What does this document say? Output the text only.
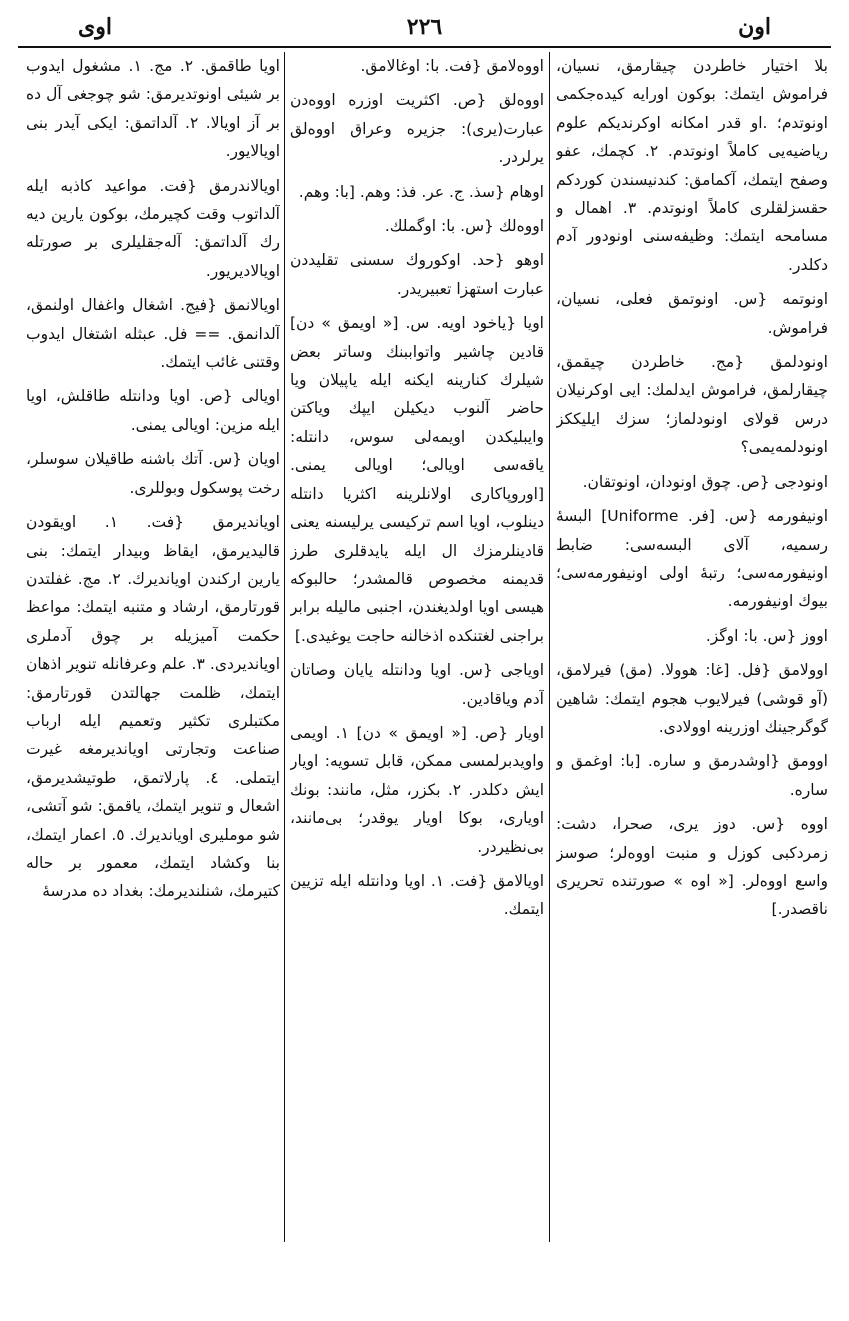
اون
٢٢٦
اوى

بلا اختيار خاطردن چيقارمق، نسيان، فراموش ايتمك: بوكون اورايه كيده‌جكمى اونوتدم؛ .او قدر امكانه اوكرنديكم علوم رياضيه‌يى كاملاً اونوتدم. ٢. كچمك، عفو وصفح ايتمك، آكمامق: كندنيسندن كوردكم حقسزلقلرى كاملاً اونوتدم. ٣. اهمال و مسامحه ايتمك: وظيفه‌سنى اونودور آدم دكلدر.

اونوتمه {س. اونوتمق فعلى، نسيان، فراموش.

اونودلمق {مج. خاطردن چيقمق، چيقارلمق، فراموش ايدلمك: ايى اوكرنيلان درس قولاى اونودلماز؛ سزك ايليككز اونودلمه‌يمى؟

اونودجى {ص. چوق اونودان، اونوتقان.

اونيفورمه {س. [فر. Uniforme] البسهٔ رسميه، آلاى البسه‌سى: ضابط اونيفورمه‌سى؛ رتبهٔ اولى اونيفورمه‌سى؛ بيوك اونيفورمه.

اووز {س. با: اوگز.

اوولامق {فل. [غا: هوولا. (مق) فيرلامق، (آو قوشى) فيرلايوب هجوم ايتمك: شاهين گوگرجينك اوزرينه اوولادى.

اوومق {اوشدرمق و ساره. [با: اوغمق و ساره.

اووه {س. دوز يرى، صحرا، دشت: زمردكبى كوزل و منبت اووه‌لر؛ صوسز واسع اووه‌لر. [« اوه » صورتنده تحريرى ناقصدر.]

اووه‌لامق {فت. با: اوغالامق.

اووه‌لق {ص. اكثريت اوزره اووه‌دن عبارت(يرى): جزيره وعراق اووه‌لق يرلردر.

اوهام {سذ. ج. عر. فذ: وهم. [با: وهم.

اووه‌لك {س. با: اوگملك.

اوهو {حد. اوكوروك سسنى تقليددن عبارت استهزا تعبيريدر.

اويا {ياخود اويه. س. [« اويمق » دن] قادين چاشير واتواببنك وساتر بعض شيلرك كنارينه ايكنه ايله ياپيلان ويا حاضر آلنوب ديكيلن ايپك وياكتن وايبليكدن اويمه‌لى سوس، دانتله: ياقه‌سى اويالى؛ اويالى يمنى. [اوروپاكارى اولانلرينه اكثريا دانتله دينلوب، اويا اسم تركيسى يرليسنه يعنى قادينلرمزك ال ايله يايدقلرى طرز قديمنه مخصوص قالمشدر؛ حالبوكه هيسى اويا اولديغندن، اجنبى ماليله برابر براجنى لغتنكده اذخالنه حاجت يوغيدى.]

اوياجى {س. اويا ودانتله يايان وصاتان آدم وياقادين.

اويار {ص. [« اويمق » دن] ١. اويمى واويدبرلمسى ممكن، قابل تسويه: اويار ايش دكلدر. ٢. بكزر، مثل، مانند: بونك اويارى، بوكا اويار يوقدر؛ بى‌مانند، بى‌نظيردر.

اويالامق {فت. ١. اويا ودانتله ايله تزيين ايتمك.

اويا طاقمق. ٢. مج. ١. مشغول ايدوب بر شيئى اونوتديرمق: شو چوجغى آل ده بر آز اويالا. ٢. آلداتمق: ايكى آيدر بنى اويالايور.

اويالاندرمق {فت. مواعيد كاذبه ايله آلداتوب وقت كچيرمك، بوكون يارين ديه رك آلداتمق: آله‌جقليلرى بر صورتله اويالاديريور.

اويالانمق {فيج. اشغال واغفال اولنمق، آلدانمق. == فل. عبثله اشتغال ايدوب وقتنى غائب ايتمك.

اويالى {ص. اويا ودانتله طاقلش، اويا ايله مزين: اويالى يمنى.

اويان {س. آتك باشنه طاقيلان سوسلر، رخت پوسكول وبوللرى.

اويانديرمق {فت. ١. اويقودن قاليديرمق، ايقاظ وبيدار ايتمك: بنى يارين اركندن اويانديرك. ٢. مج. غفلتدن قورتارمق، ارشاد و متنبه ايتمك: مواعظ حكمت آميزيله بر چوق آدملرى اويانديردى. ٣. علم وعرفانله تنوير اذهان ايتمك، ظلمت جهالتدن قورتارمق: مكتبلرى تكثير وتعميم ايله ارباب صناعت وتجارتى اويانديرمغه غيرت ايتملى. ٤. پارلاتمق، طوتيشديرمق، اشعال و تنوير ايتمك، ياقمق: شو آتشى، شو مومليرى اويانديرك. ٥. اعمار ايتمك، بنا وكشاد ايتمك، معمور بر حاله كتيرمك، شنلنديرمك: بغداد ده مدرسهٔ
